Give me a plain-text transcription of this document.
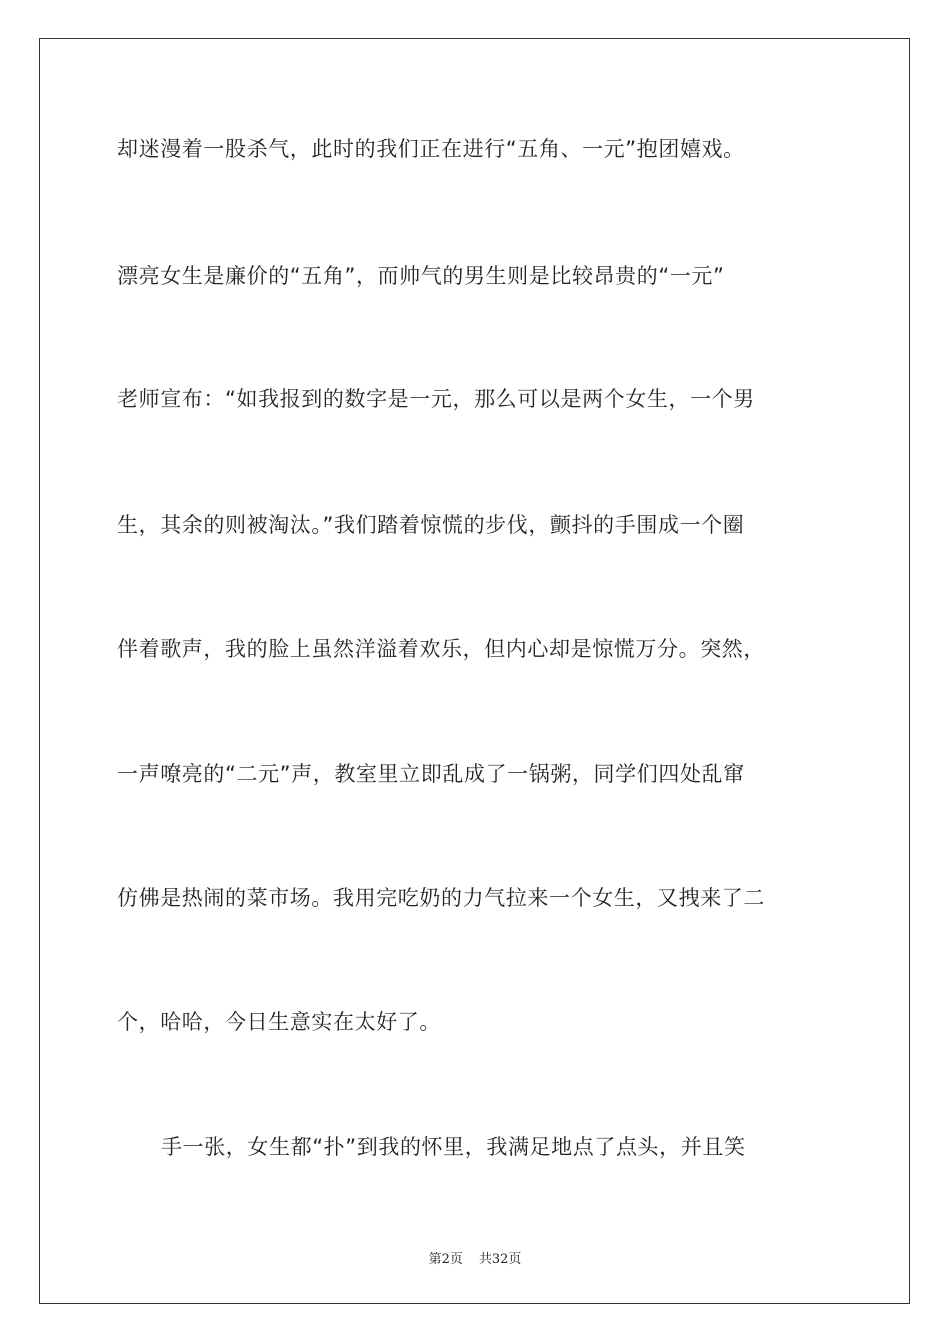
却迷漫着一股杀气，此时的我们正在进行“五角、一元”抱团嬉戏。
漂亮女生是廉价的“五角”，而帅气的男生则是比较昂贵的“一元”
老师宣布：“如我报到的数字是一元，那么可以是两个女生，一个男
生，其余的则被淘汰。”我们踏着惊慌的步伐，颤抖的手围成一个圈
伴着歌声，我的脸上虽然洋溢着欢乐，但内心却是惊慌万分。突然，
一声嘹亮的“二元”声，教室里立即乱成了一锅粥，同学们四处乱窜
仿佛是热闹的菜市场。我用完吃奶的力气拉来一个女生，又拽来了二
个，哈哈，今日生意实在太好了。
手一张，女生都“扑”到我的怀里，我满足地点了点头，并且笑
第2页 共32页
